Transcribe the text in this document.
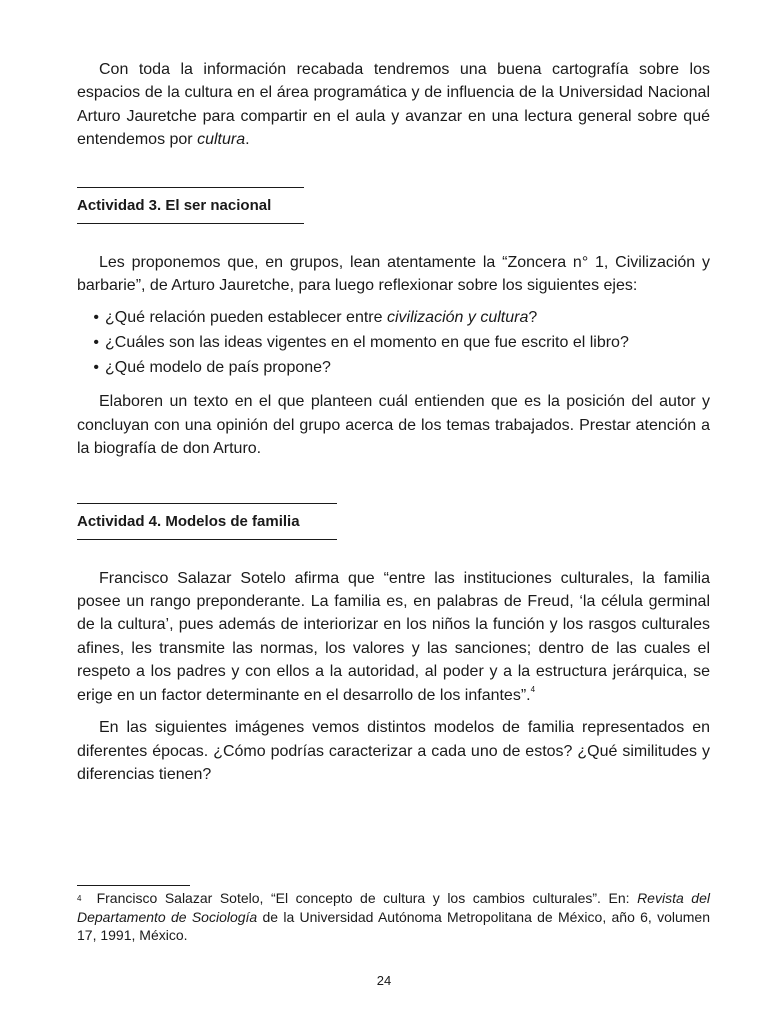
Con toda la información recabada tendremos una buena cartografía sobre los espacios de la cultura en el área programática y de influencia de la Universidad Nacional Arturo Jauretche para compartir en el aula y avanzar en una lectura general sobre qué entendemos por cultura.

Actividad 3. El ser nacional

Les proponemos que, en grupos, lean atentamente la “Zoncera n° 1, Civilización y barbarie”, de Arturo Jauretche, para luego reflexionar sobre los siguientes ejes:

• ¿Qué relación pueden establecer entre civilización y cultura?
• ¿Cuáles son las ideas vigentes en el momento en que fue escrito el libro?
• ¿Qué modelo de país propone?

Elaboren un texto en el que planteen cuál entienden que es la posición del autor y concluyan con una opinión del grupo acerca de los temas trabajados. Prestar atención a la biografía de don Arturo.

Actividad 4. Modelos de familia

Francisco Salazar Sotelo afirma que “entre las instituciones culturales, la familia posee un rango preponderante. La familia es, en palabras de Freud, ‘la célula germinal de la cultura’, pues además de interiorizar en los niños la función y los rasgos culturales afines, les transmite las normas, los valores y las sanciones; dentro de las cuales el respeto a los padres y con ellos a la autoridad, al poder y a la estructura jerárquica, se erige en un factor determinante en el desarrollo de los infantes”.$^4$

En las siguientes imágenes vemos distintos modelos de familia representados en diferentes épocas. ¿Cómo podrías caracterizar a cada uno de estos? ¿Qué similitudes y diferencias tienen?

$^4$ Francisco Salazar Sotelo, “El concepto de cultura y los cambios culturales”. En: Revista del Departamento de Sociología de la Universidad Autónoma Metropolitana de México, año 6, volumen 17, 1991, México.
24
